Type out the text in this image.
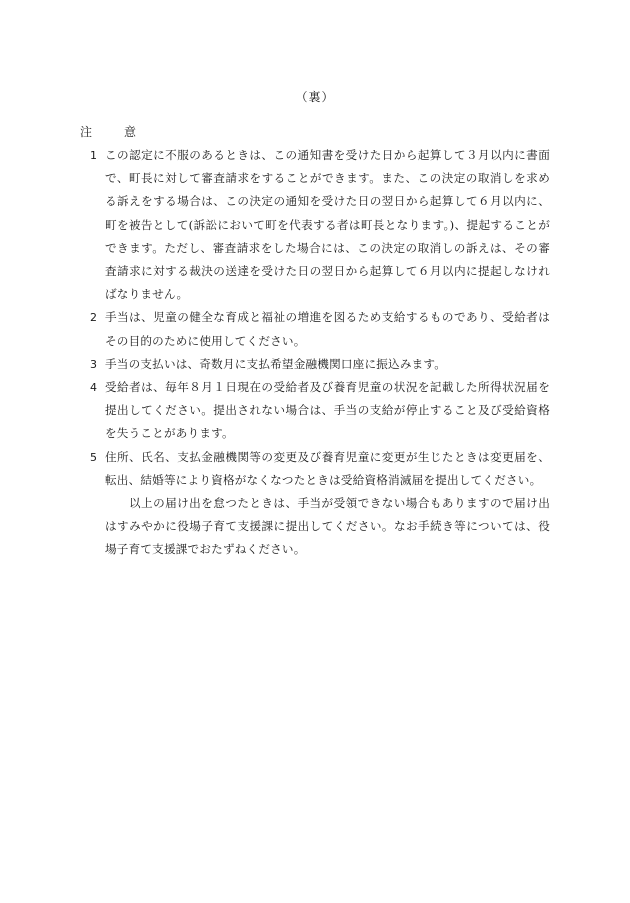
（裏）
注　意
1 この認定に不服のあるときは、この通知書を受けた日から起算して３月以内に書面で、町長に対して審査請求をすることができます。また、この決定の取消しを求める訴えをする場合は、この決定の通知を受けた日の翌日から起算して６月以内に、町を被告として(訴訟において町を代表する者は町長となります。)、提起することができます。ただし、審査請求をした場合には、この決定の取消しの訴えは、その審査請求に対する裁決の送達を受けた日の翌日から起算して６月以内に提起しなければなりません。
2 手当は、児童の健全な育成と福祉の増進を図るため支給するものであり、受給者はその目的のために使用してください。
3 手当の支払いは、奇数月に支払希望金融機関口座に振込みます。
4 受給者は、毎年８月１日現在の受給者及び養育児童の状況を記載した所得状況届を提出してください。提出されない場合は、手当の支給が停止すること及び受給資格を失うことがあります。
5 住所、氏名、支払金融機関等の変更及び養育児童に変更が生じたときは変更届を、転出、結婚等により資格がなくなつたときは受給資格消滅届を提出してください。
以上の届け出を怠つたときは、手当が受領できない場合もありますので届け出はすみやかに役場子育て支援課に提出してください。なお手続き等については、役場子育て支援課でおたずねください。
